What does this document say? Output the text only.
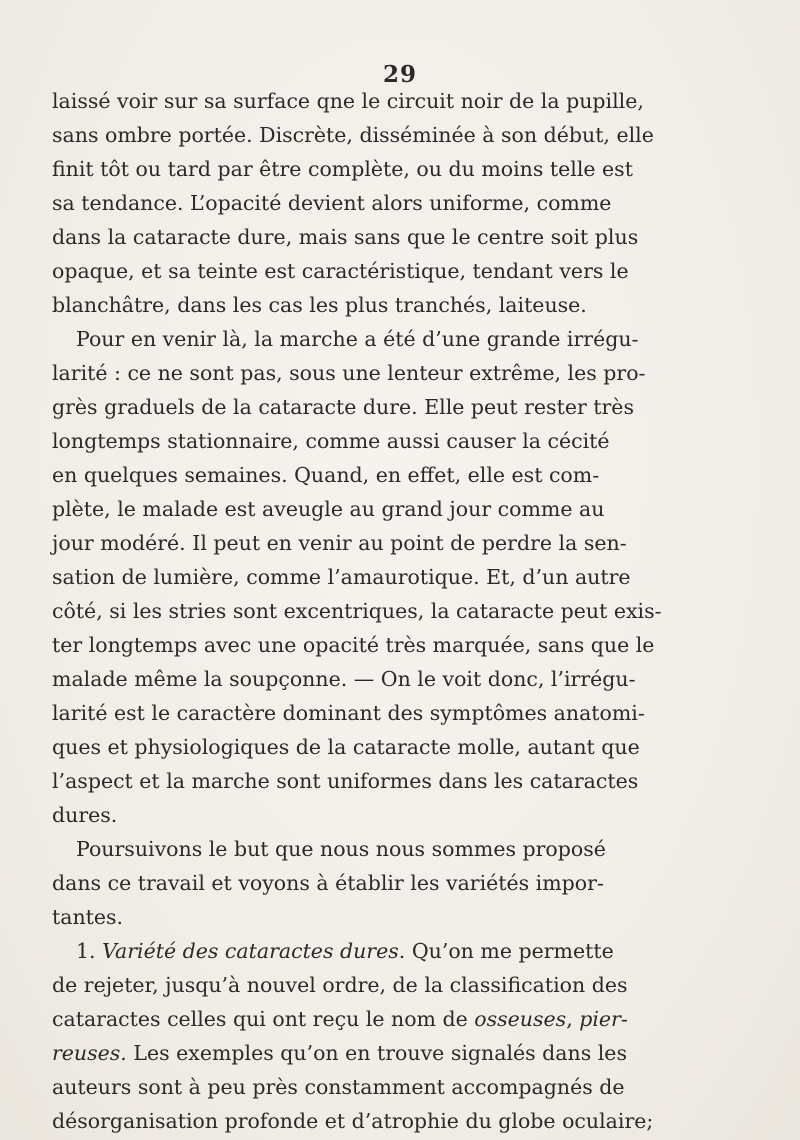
29
laissé voir sur sa surface qne le circuit noir de la pupille,
sans ombre portée. Discrète, disséminée à son début, elle
finit tôt ou tard par être complète, ou du moins telle est
sa tendance. L’opacité devient alors uniforme, comme
dans la cataracte dure, mais sans que le centre soit plus
opaque, et sa teinte est caractéristique, tendant vers le
blanchâtre, dans les cas les plus tranchés, laiteuse.
Pour en venir là, la marche a été d’une grande irrégu-
larité : ce ne sont pas, sous une lenteur extrême, les pro-
grès graduels de la cataracte dure. Elle peut rester très
longtemps stationnaire, comme aussi causer la cécité
en quelques semaines. Quand, en effet, elle est com-
plète, le malade est aveugle au grand jour comme au
jour modéré. Il peut en venir au point de perdre la sen-
sation de lumière, comme l’amaurotique. Et, d’un autre
côté, si les stries sont excentriques, la cataracte peut exis-
ter longtemps avec une opacité très marquée, sans que le
malade même la soupçonne. — On le voit donc, l’irrégu-
larité est le caractère dominant des symptômes anatomi-
ques et physiologiques de la cataracte molle, autant que
l’aspect et la marche sont uniformes dans les cataractes
dures.
Poursuivons le but que nous nous sommes proposé
dans ce travail et voyons à établir les variétés impor-
tantes.
1. Variété des cataractes dures. Qu’on me permette
de rejeter, jusqu’à nouvel ordre, de la classification des
cataractes celles qui ont reçu le nom de osseuses, pier-
reuses. Les exemples qu’on en trouve signalés dans les
auteurs sont à peu près constamment accompagnés de
désorganisation profonde et d’atrophie du globe oculaire;
